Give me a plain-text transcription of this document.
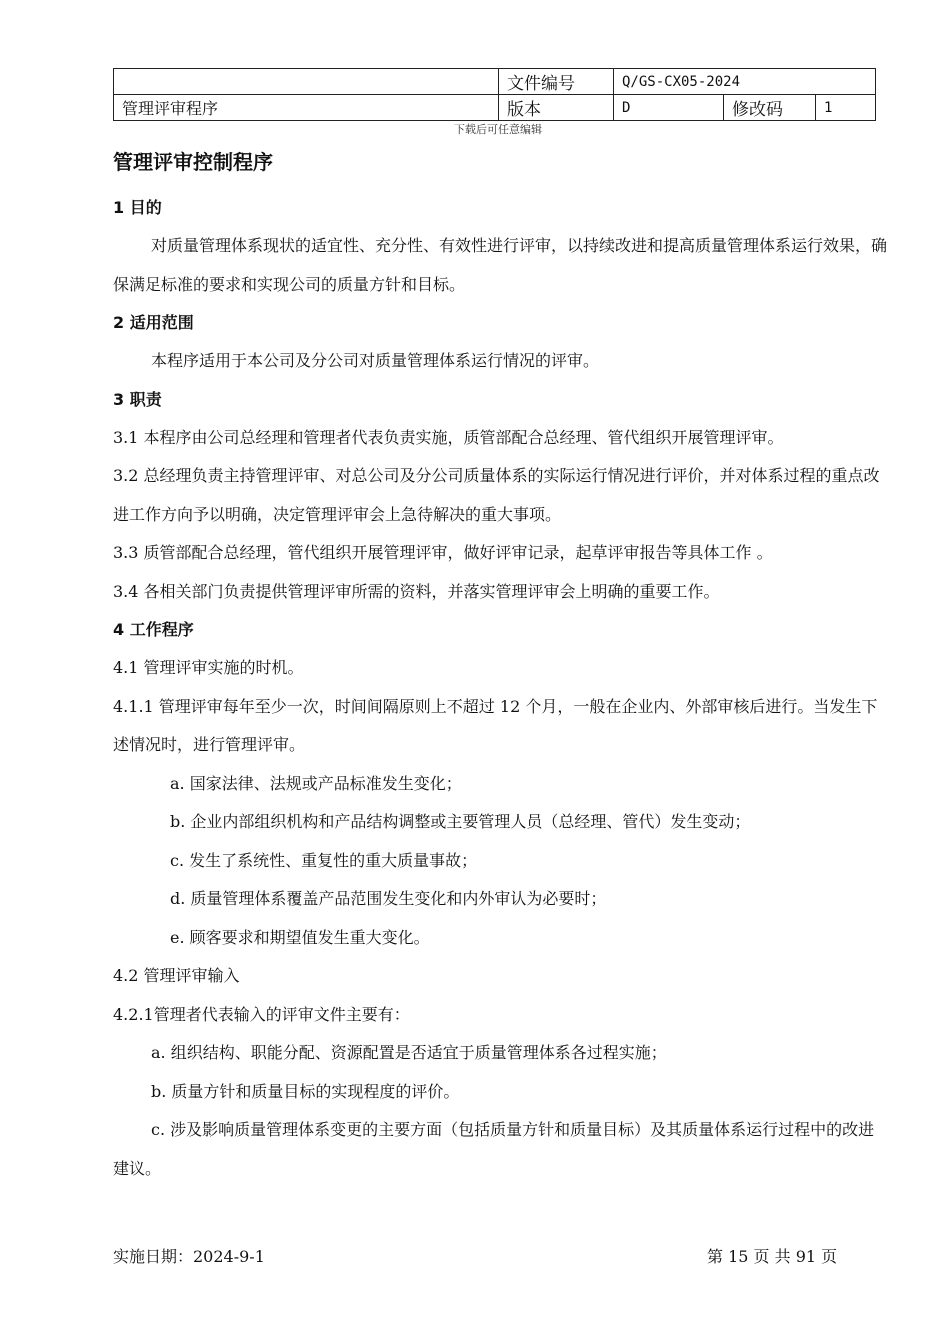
	文件编号	Q/GS-CX05-2024		
管理评审程序	版本	D	修改码	1
下载后可任意编辑
管理评审控制程序
1 目的

对质量管理体系现状的适宜性、充分性、有效性进行评审，以持续改进和提高质量管理体系运行效果，确保满足标准的要求和实现公司的质量方针和目标。

2 适用范围

本程序适用于本公司及分公司对质量管理体系运行情况的评审。

3 职责

3.1 本程序由公司总经理和管理者代表负责实施，质管部配合总经理、管代组织开展管理评审。

3.2 总经理负责主持管理评审、对总公司及分公司质量体系的实际运行情况进行评价，并对体系过程的重点改进工作方向予以明确，决定管理评审会上急待解决的重大事项。

3.3 质管部配合总经理，管代组织开展管理评审，做好评审记录，起草评审报告等具体工作 。

3.4 各相关部门负责提供管理评审所需的资料，并落实管理评审会上明确的重要工作。

4 工作程序

4.1 管理评审实施的时机。

4.1.1 管理评审每年至少一次，时间间隔原则上不超过 12 个月，一般在企业内、外部审核后进行。当发生下述情况时，进行管理评审。

a. 国家法律、法规或产品标准发生变化；

b. 企业内部组织机构和产品结构调整或主要管理人员（总经理、管代）发生变动；

c. 发生了系统性、重复性的重大质量事故；

d. 质量管理体系覆盖产品范围发生变化和内外审认为必要时；

e. 顾客要求和期望值发生重大变化。

4.2 管理评审输入

4.2.1管理者代表输入的评审文件主要有：

a. 组织结构、职能分配、资源配置是否适宜于质量管理体系各过程实施；

b. 质量方针和质量目标的实现程度的评价。

c. 涉及影响质量管理体系变更的主要方面（包括质量方针和质量目标）及其质量体系运行过程中的改进建议。

实施日期：2024-9-1	第 15 页 共 91 页
